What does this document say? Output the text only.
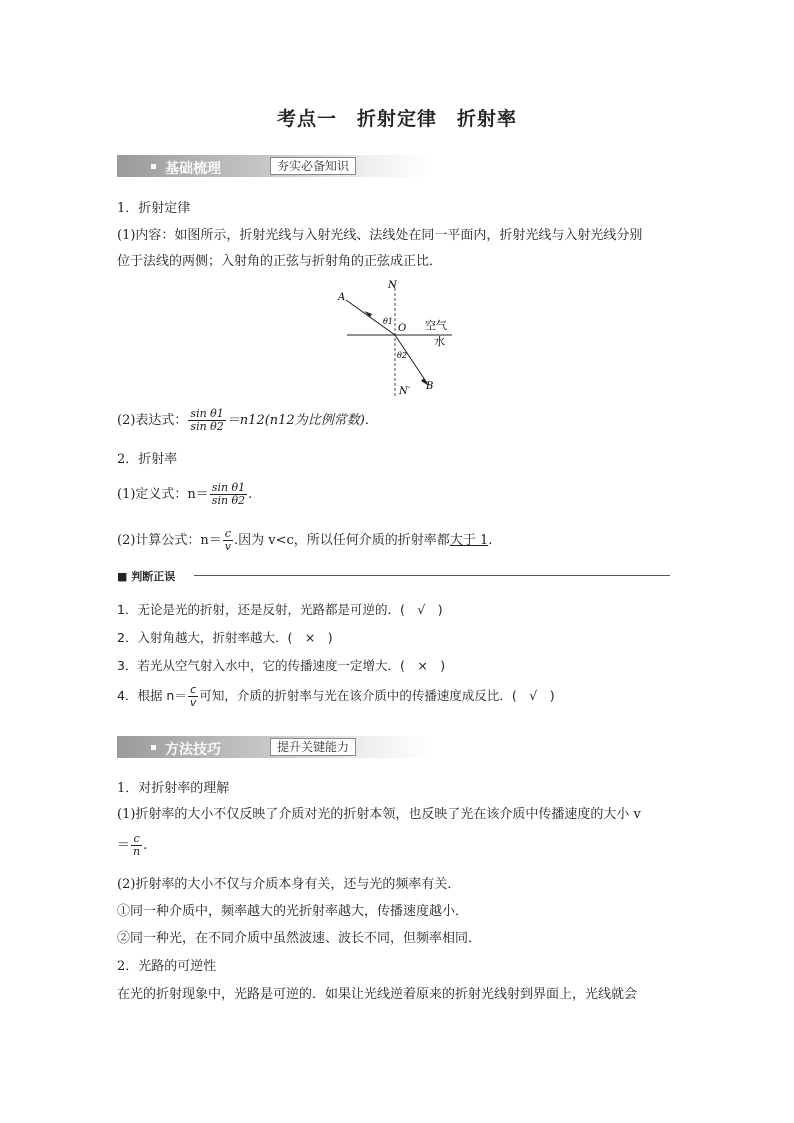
考点一　折射定律　折射率
基础梳理	夯实必备知识
1．折射定律
(1)内容：如图所示，折射光线与入射光线、法线处在同一平面内，折射光线与入射光线分别
位于法线的两侧；入射角的正弦与折射角的正弦成正比．
A
N
θ1
O 空气
水
θ2
B
N′
(2)表达式： $\frac{\text{sin θ1}}{\text{sin θ2}} =n12(n12$为比例常数)．
2．折射率
(1)定义式：$n= \frac{\text{sin θ1}}{\text{sin θ2}}$ .
(2)计算公式：$n= \frac{c}{v}$ .因为 v<c，所以任何介质的折射率都大于 1.
■ 判断正误
1．无论是光的折射，还是反射，光路都是可逆的．(　√　)
2．入射角越大，折射率越大．(　×　)
3．若光从空气射入水中，它的传播速度一定增大．(　×　)
4．根据 $n= \frac{c}{v}$ 可知，介质的折射率与光在该介质中的传播速度成反比．(　√　)
方法技巧	提升关键能力
1．对折射率的理解
(1)折射率的大小不仅反映了介质对光的折射本领，也反映了光在该介质中传播速度的大小 v
＝ $\frac{c}{n}$ .
(2)折射率的大小不仅与介质本身有关，还与光的频率有关．
①同一种介质中，频率越大的光折射率越大，传播速度越小．
②同一种光，在不同介质中虽然波速、波长不同，但频率相同．
2．光路的可逆性
在光的折射现象中，光路是可逆的．如果让光线逆着原来的折射光线射到界面上，光线就会
